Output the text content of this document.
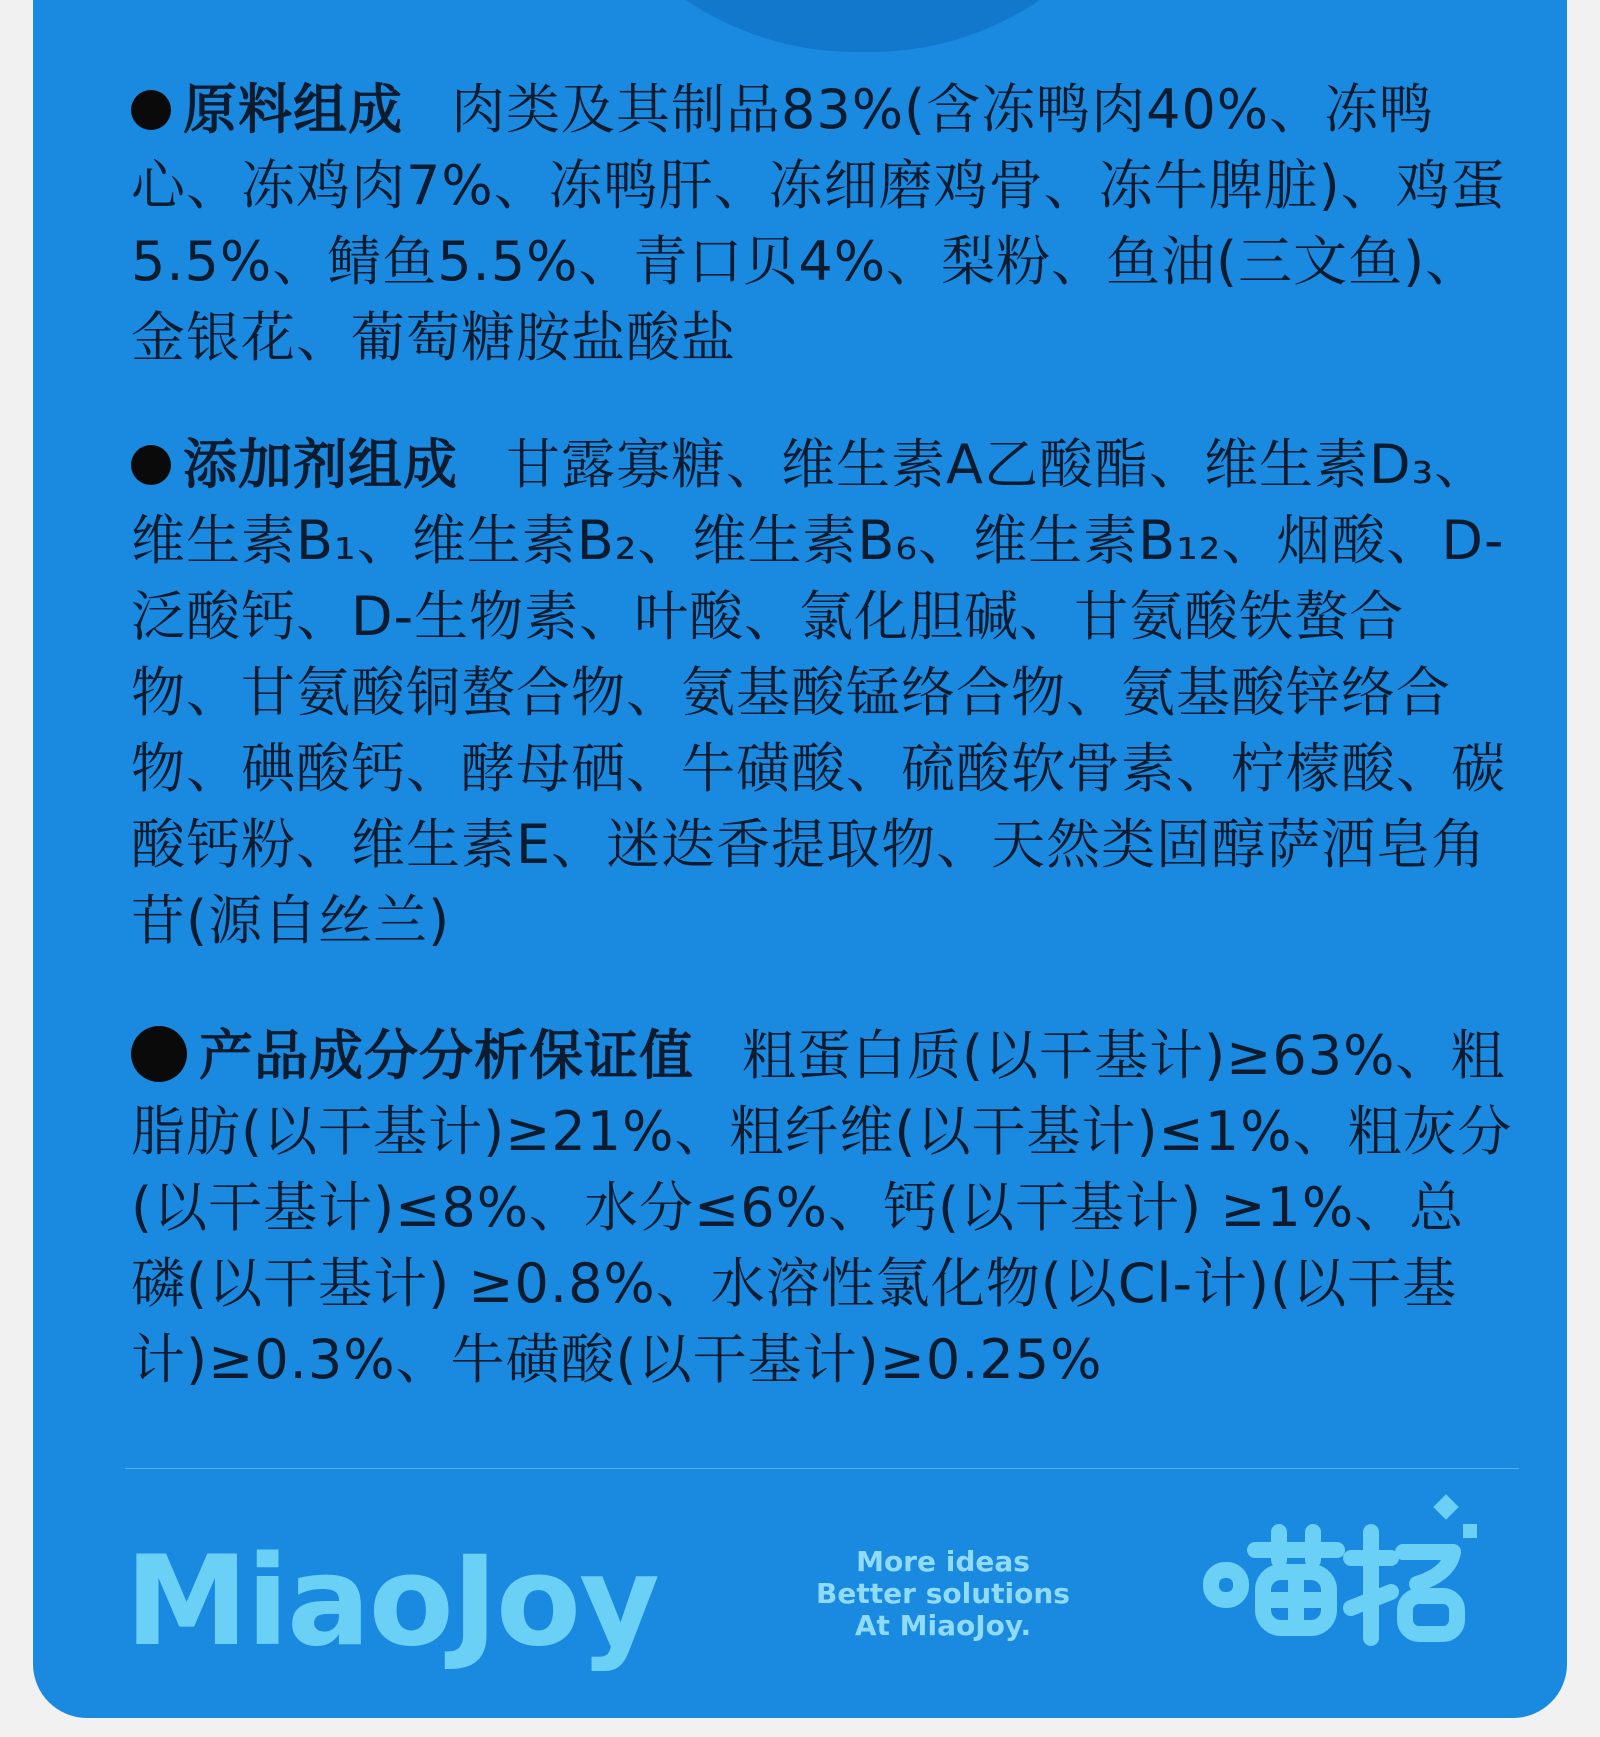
原料组成 肉类及其制品83%(含冻鸭肉40%、冻鸭心、冻鸡肉7%、冻鸭肝、冻细磨鸡骨、冻牛脾脏)、鸡蛋5.5%、鲭鱼5.5%、青口贝4%、梨粉、鱼油(三文鱼)、金银花、葡萄糖胺盐酸盐

添加剂组成 甘露寡糖、维生素A乙酸酯、维生素D₃、维生素B₁、维生素B₂、维生素B₆、维生素B₁₂、烟酸、D-泛酸钙、D-生物素、叶酸、氯化胆碱、甘氨酸铁螯合物、甘氨酸铜螯合物、氨基酸锰络合物、氨基酸锌络合物、碘酸钙、酵母硒、牛磺酸、硫酸软骨素、柠檬酸、碳酸钙粉、维生素E、迷迭香提取物、天然类固醇萨洒皂角苷(源自丝兰)

产品成分分析保证值 粗蛋白质(以干基计)≥63%、粗脂肪(以干基计)≥21%、粗纤维(以干基计)≤1%、粗灰分(以干基计)≤8%、水分≤6%、钙(以干基计) ≥1%、总磷(以干基计) ≥0.8%、水溶性氯化物(以Cl-计)(以干基计)≥0.3%、牛磺酸(以干基计)≥0.25%

MiaoJoy	More ideas
Better solutions
At MiaoJoy.
